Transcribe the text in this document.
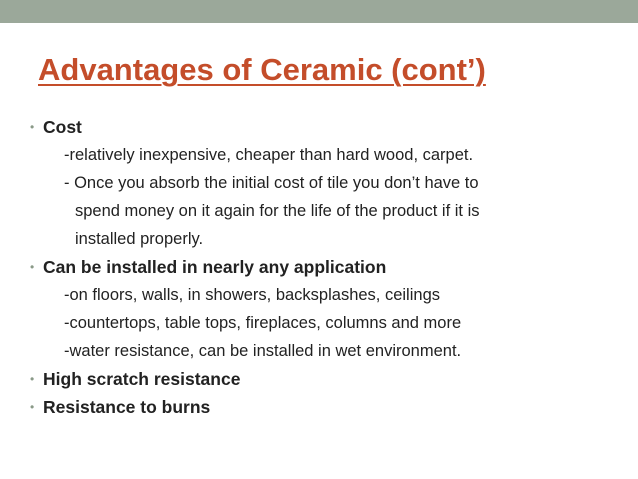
Advantages of Ceramic (cont’)
• Cost
-relatively inexpensive, cheaper than hard wood, carpet.
- Once you absorb the initial cost of tile you don’t have to
spend money on it again for the life of the product if it is
installed properly.
• Can be installed in nearly any application
-on floors, walls, in showers, backsplashes, ceilings
-countertops, table tops, fireplaces, columns and more
-water resistance, can be installed in wet environment.
• High scratch resistance
• Resistance to burns
